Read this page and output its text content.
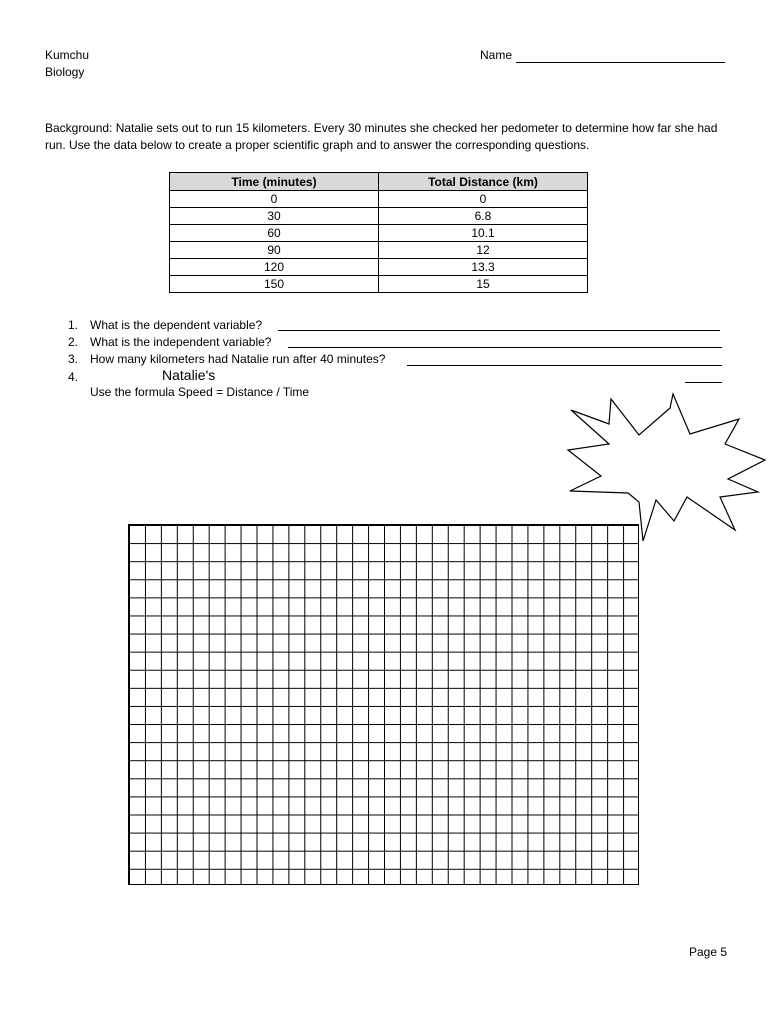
Kumchu
Biology
Name
Background: Natalie sets out to run 15 kilometers. Every 30 minutes she checked her pedometer to determine how far she had run. Use the data below to create a proper scientific graph and to answer the corresponding questions.
Time (minutes)	Total Distance (km)
0	0
30	6.8
60	10.1
90	12
120	13.3
150	15
1. What is the dependent variable?
2. What is the independent variable?
3. How many kilometers had Natalie run after 40 minutes?
4.	Natalie's
Use the formula Speed = Distance / Time
Page 5
